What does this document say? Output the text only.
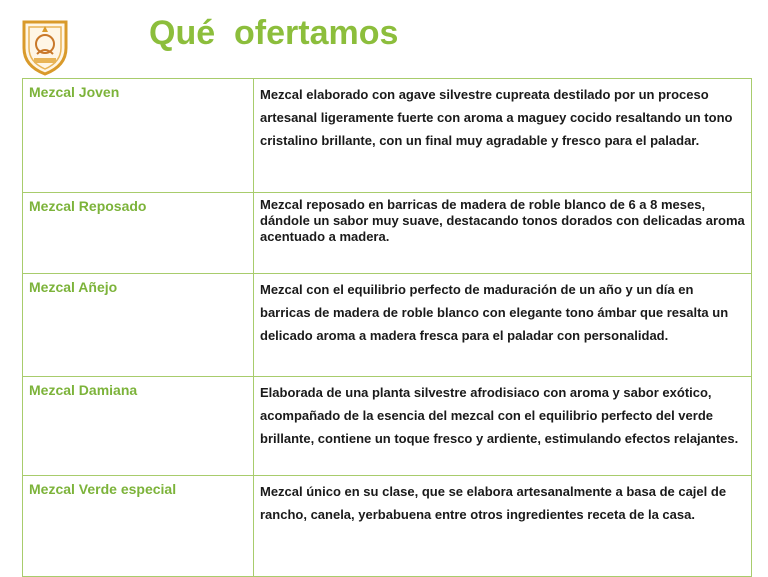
Qué  ofertamos
Mezcal Joven	Mezcal elaborado con agave silvestre cupreata destilado por un proceso artesanal ligeramente fuerte con aroma a maguey cocido resaltando un tono cristalino brillante, con un final muy agradable y fresco para el paladar.
Mezcal Reposado	Mezcal reposado en barricas de madera de roble blanco de 6 a 8 meses, dándole un sabor muy suave, destacando tonos dorados con delicadas aroma acentuado a madera.
Mezcal Añejo	Mezcal con el equilibrio perfecto de maduración de un año y un día en barricas de madera de roble blanco con elegante tono ámbar que resalta un delicado aroma a madera fresca para el paladar con personalidad.
Mezcal Damiana	Elaborada de una planta silvestre afrodisiaco con aroma y sabor exótico, acompañado de la esencia del mezcal con el equilibrio perfecto del verde brillante, contiene un toque fresco y ardiente, estimulando efectos relajantes.
Mezcal Verde especial	Mezcal único en su clase, que se elabora artesanalmente a basa de cajel de rancho, canela, yerbabuena entre otros ingredientes receta de la casa.
